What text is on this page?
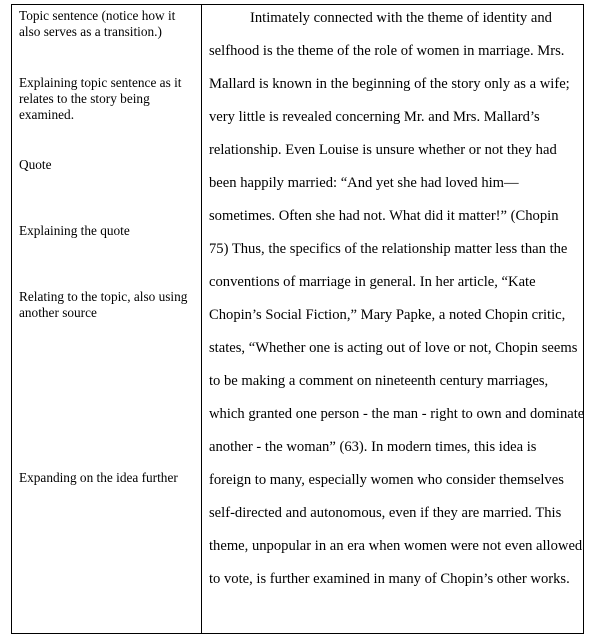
Topic sentence (notice how it also serves as a transition.)
Explaining topic sentence as it relates to the story being examined.
Quote
Explaining the quote
Relating to the topic, also using another source
Expanding on the idea further
Intimately connected with the theme of identity and
selfhood is the theme of the role of women in marriage. Mrs.
Mallard is known in the beginning of the story only as a wife;
very little is revealed concerning Mr. and Mrs. Mallard’s
relationship. Even Louise is unsure whether or not they had
been happily married: “And yet she had loved him—
sometimes. Often she had not. What did it matter!” (Chopin
75) Thus, the specifics of the relationship matter less than the
conventions of marriage in general. In her article, “Kate
Chopin’s Social Fiction,” Mary Papke, a noted Chopin critic,
states, “Whether one is acting out of love or not, Chopin seems
to be making a comment on nineteenth century marriages,
which granted one person - the man - right to own and dominate
another - the woman” (63). In modern times, this idea is
foreign to many, especially women who consider themselves
self-directed and autonomous, even if they are married. This
theme, unpopular in an era when women were not even allowed
to vote, is further examined in many of Chopin’s other works.
